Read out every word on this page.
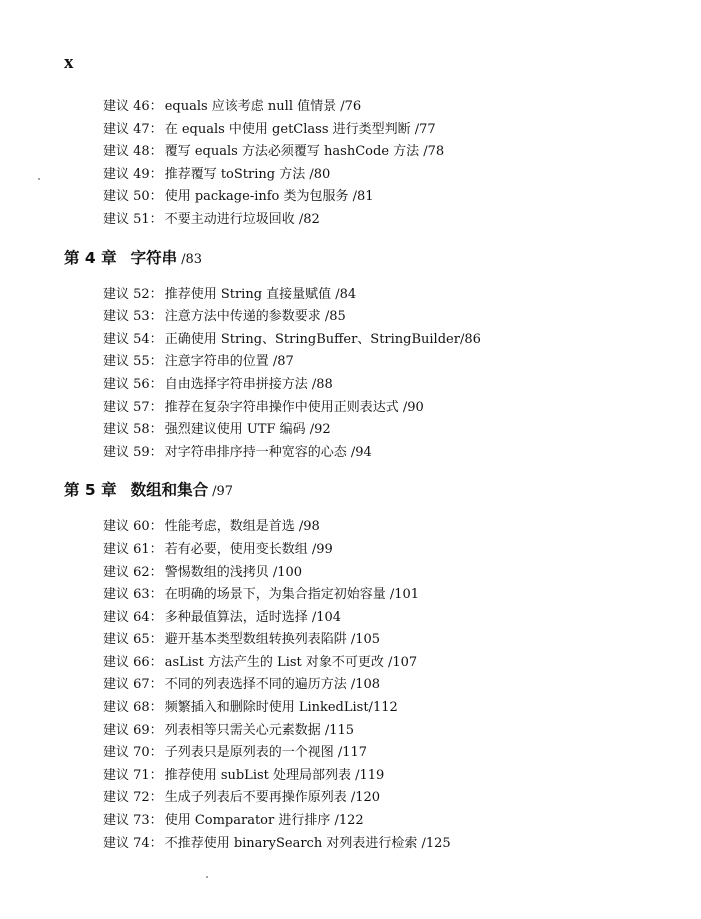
x
建议 46： equals 应该考虑 null 值情景 /76
建议 47： 在 equals 中使用 getClass 进行类型判断 /77
建议 48： 覆写 equals 方法必须覆写 hashCode 方法 /78
建议 49： 推荐覆写 toString 方法 /80
建议 50： 使用 package-info 类为包服务 /81
建议 51： 不要主动进行垃圾回收 /82
第 4 章 字符串 /83
建议 52： 推荐使用 String 直接量赋值 /84
建议 53： 注意方法中传递的参数要求 /85
建议 54： 正确使用 String、StringBuffer、StringBuilder/86
建议 55： 注意字符串的位置 /87
建议 56： 自由选择字符串拼接方法 /88
建议 57： 推荐在复杂字符串操作中使用正则表达式 /90
建议 58： 强烈建议使用 UTF 编码 /92
建议 59： 对字符串排序持一种宽容的心态 /94
第 5 章 数组和集合 /97
建议 60： 性能考虑，数组是首选 /98
建议 61： 若有必要，使用变长数组 /99
建议 62： 警惕数组的浅拷贝 /100
建议 63： 在明确的场景下，为集合指定初始容量 /101
建议 64： 多种最值算法，适时选择 /104
建议 65： 避开基本类型数组转换列表陷阱 /105
建议 66： asList 方法产生的 List 对象不可更改 /107
建议 67： 不同的列表选择不同的遍历方法 /108
建议 68： 频繁插入和删除时使用 LinkedList/112
建议 69： 列表相等只需关心元素数据 /115
建议 70： 子列表只是原列表的一个视图 /117
建议 71： 推荐使用 subList 处理局部列表 /119
建议 72： 生成子列表后不要再操作原列表 /120
建议 73： 使用 Comparator 进行排序 /122
建议 74： 不推荐使用 binarySearch 对列表进行检索 /125
